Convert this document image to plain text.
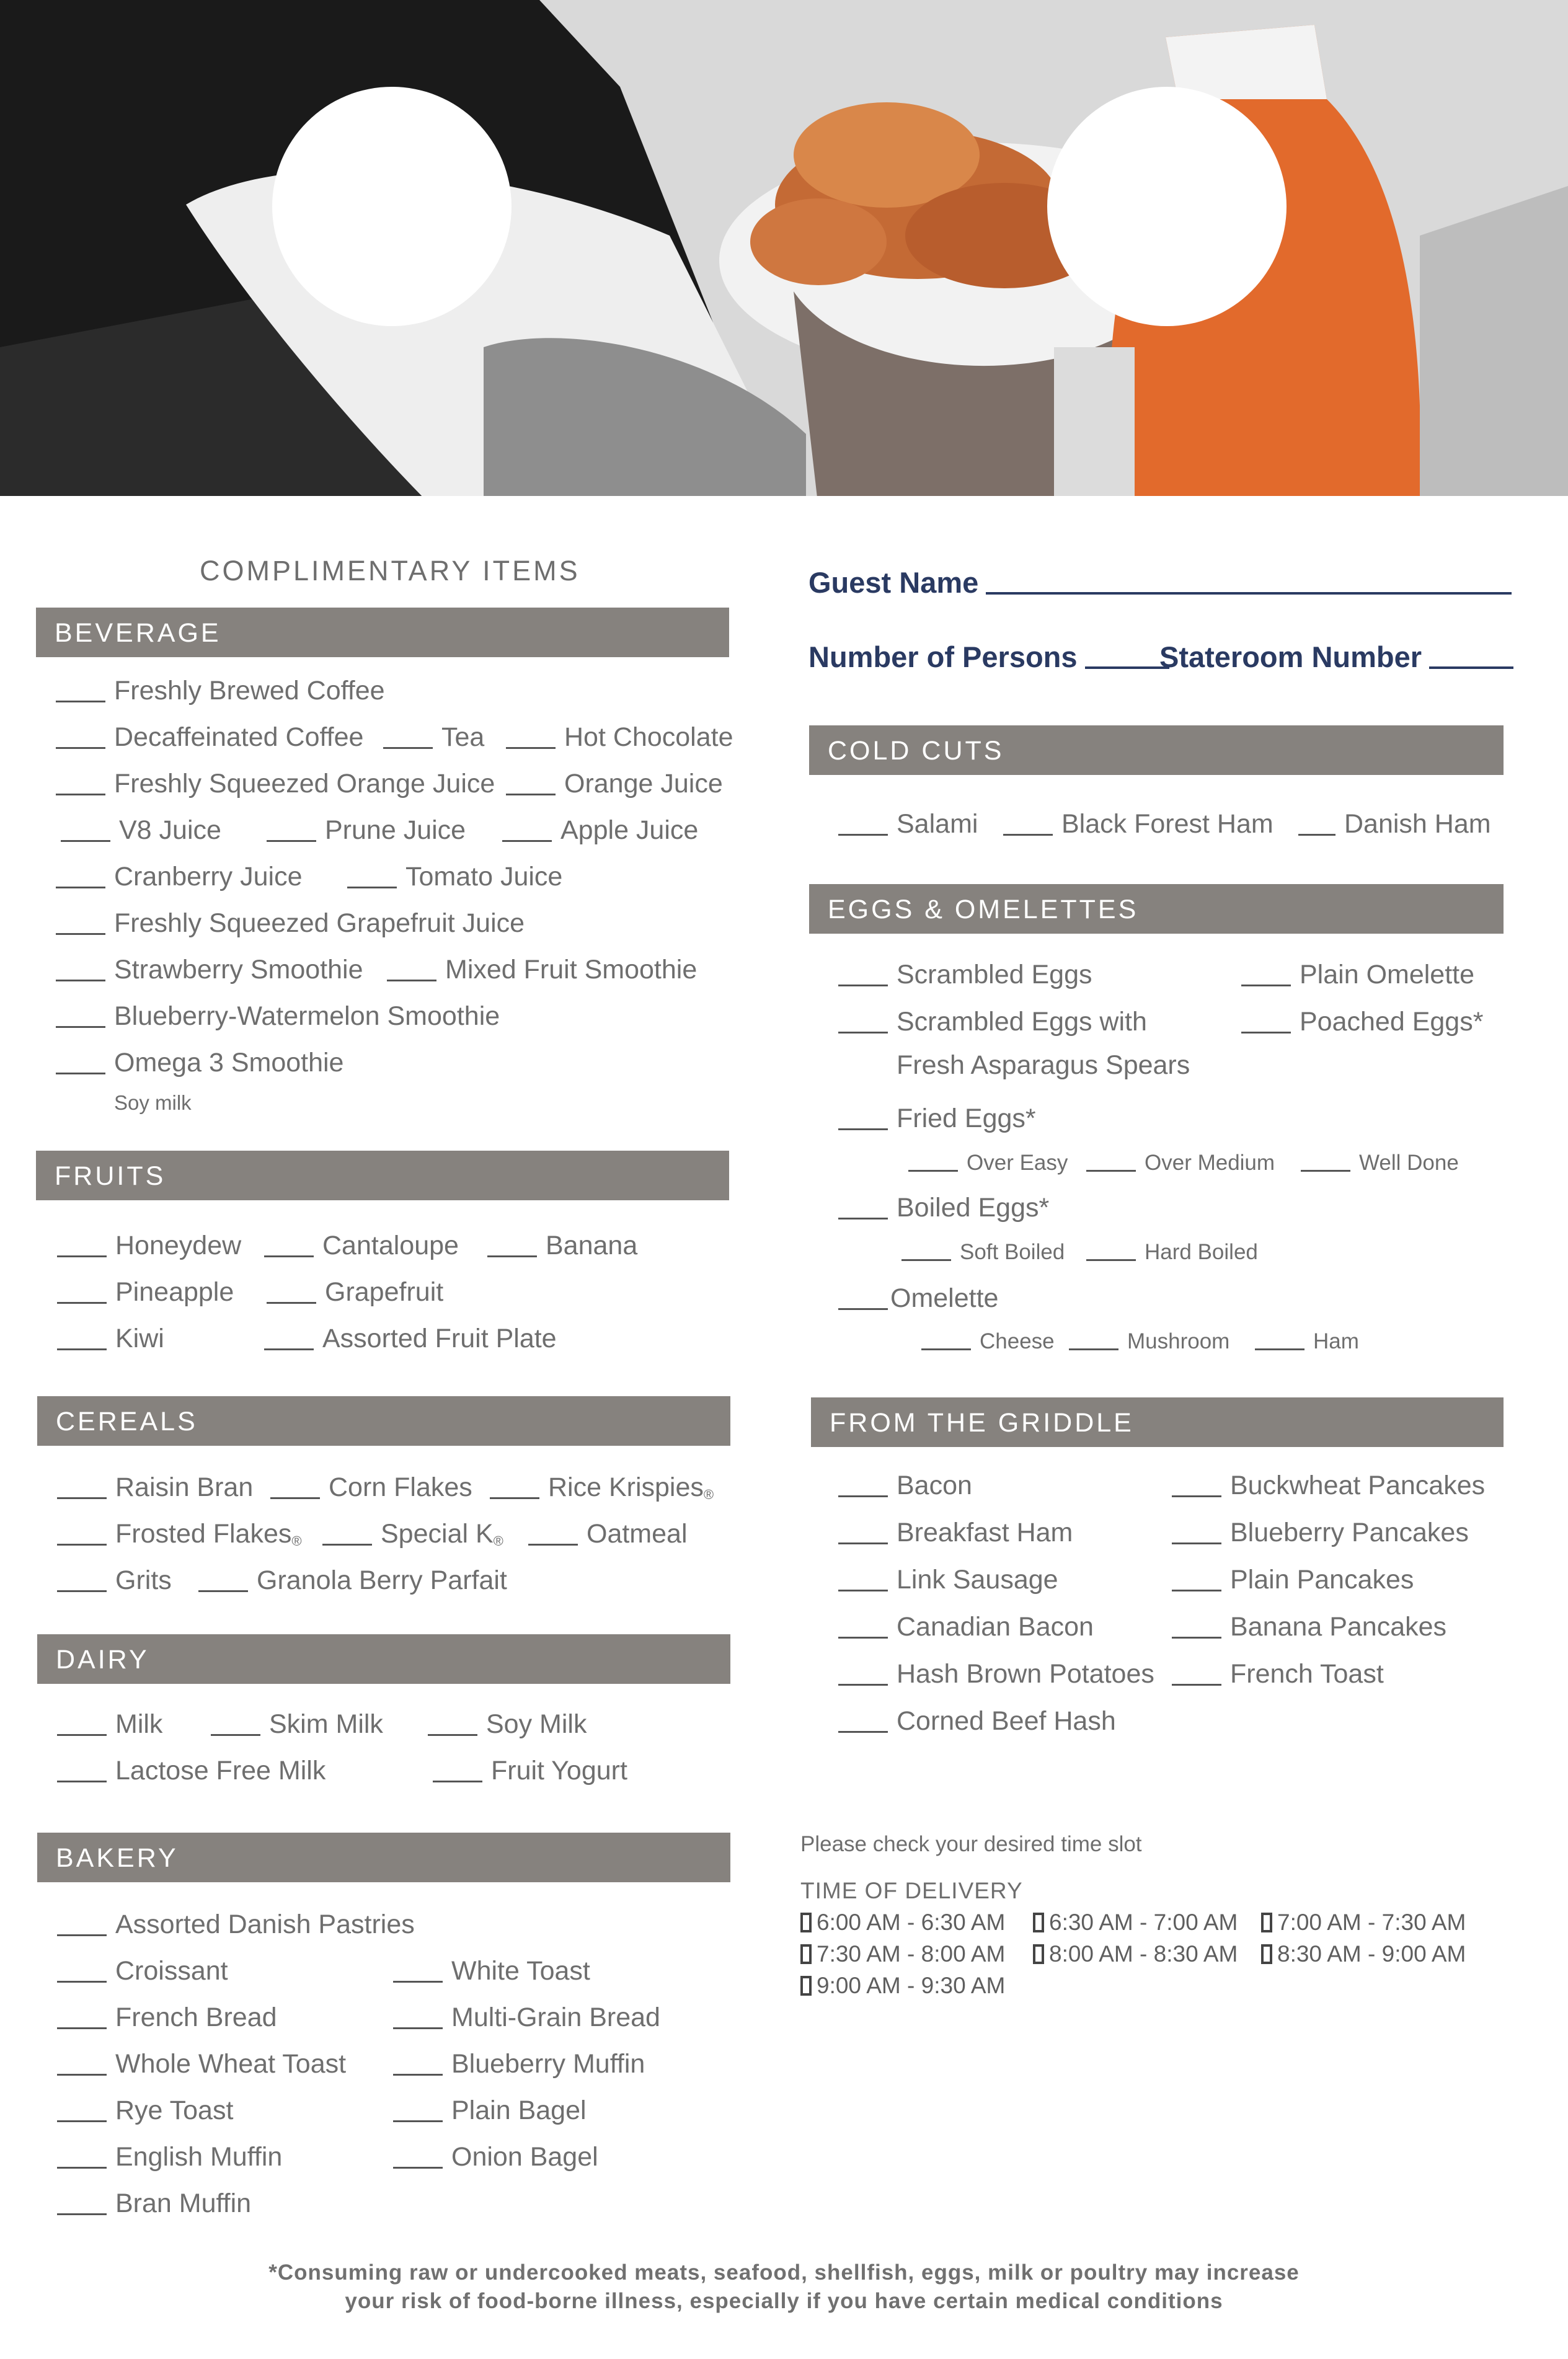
COMPLIMENTARY ITEMS
BEVERAGE
Freshly Brewed Coffee
Decaffeinated Coffee	Tea	Hot Chocolate
Freshly Squeezed Orange Juice	Orange Juice
V8 Juice	Prune Juice	Apple Juice
Cranberry Juice	Tomato Juice
Freshly Squeezed Grapefruit Juice
Strawberry Smoothie	Mixed Fruit Smoothie
Blueberry-Watermelon Smoothie
Omega 3 Smoothie
Soy milk
FRUITS
Honeydew	Cantaloupe	Banana
Pineapple	Grapefruit
Kiwi	Assorted Fruit Plate
CEREALS
Raisin Bran	Corn Flakes	Rice Krispies$_®$
Frosted Flakes$_®$	Special $K_®$	Oatmeal
Grits	Granola Berry Parfait
DAIRY
Milk	Skim Milk	Soy Milk
Lactose Free Milk	Fruit Yogurt
BAKERY
Assorted Danish Pastries
Croissant	White Toast
French Bread	Multi-Grain Bread
Whole Wheat Toast	Blueberry Muffin
Rye Toast	Plain Bagel
English Muffin	Onion Bagel
Bran Muffin
Guest Name
Number of Persons	Stateroom Number
COLD CUTS
Salami	Black Forest Ham	Danish Ham
EGGS & OMELETTES
Scrambled Eggs	Plain Omelette
Scrambled Eggs with	Poached Eggs*
Fresh Asparagus Spears
Fried Eggs*
Over Easy	Over Medium	Well Done
Boiled Eggs*
Soft Boiled	Hard Boiled
Omelette
Cheese	Mushroom	Ham
FROM THE GRIDDLE
Bacon	Buckwheat Pancakes
Breakfast Ham	Blueberry Pancakes
Link Sausage	Plain Pancakes
Canadian Bacon	Banana Pancakes
Hash Brown Potatoes	French Toast
Corned Beef Hash
Please check your desired time slot
TIME OF DELIVERY
6:00 AM - 6:30 AM 6:30 AM - 7:00 AM 7:00 AM - 7:30 AM
7:30 AM - 8:00 AM 8:00 AM - 8:30 AM 8:30 AM - 9:00 AM
9:00 AM - 9:30 AM
*Consuming raw or undercooked meats, seafood, shellfish, eggs, milk or poultry may increase
your risk of food-borne illness, especially if you have certain medical conditions
